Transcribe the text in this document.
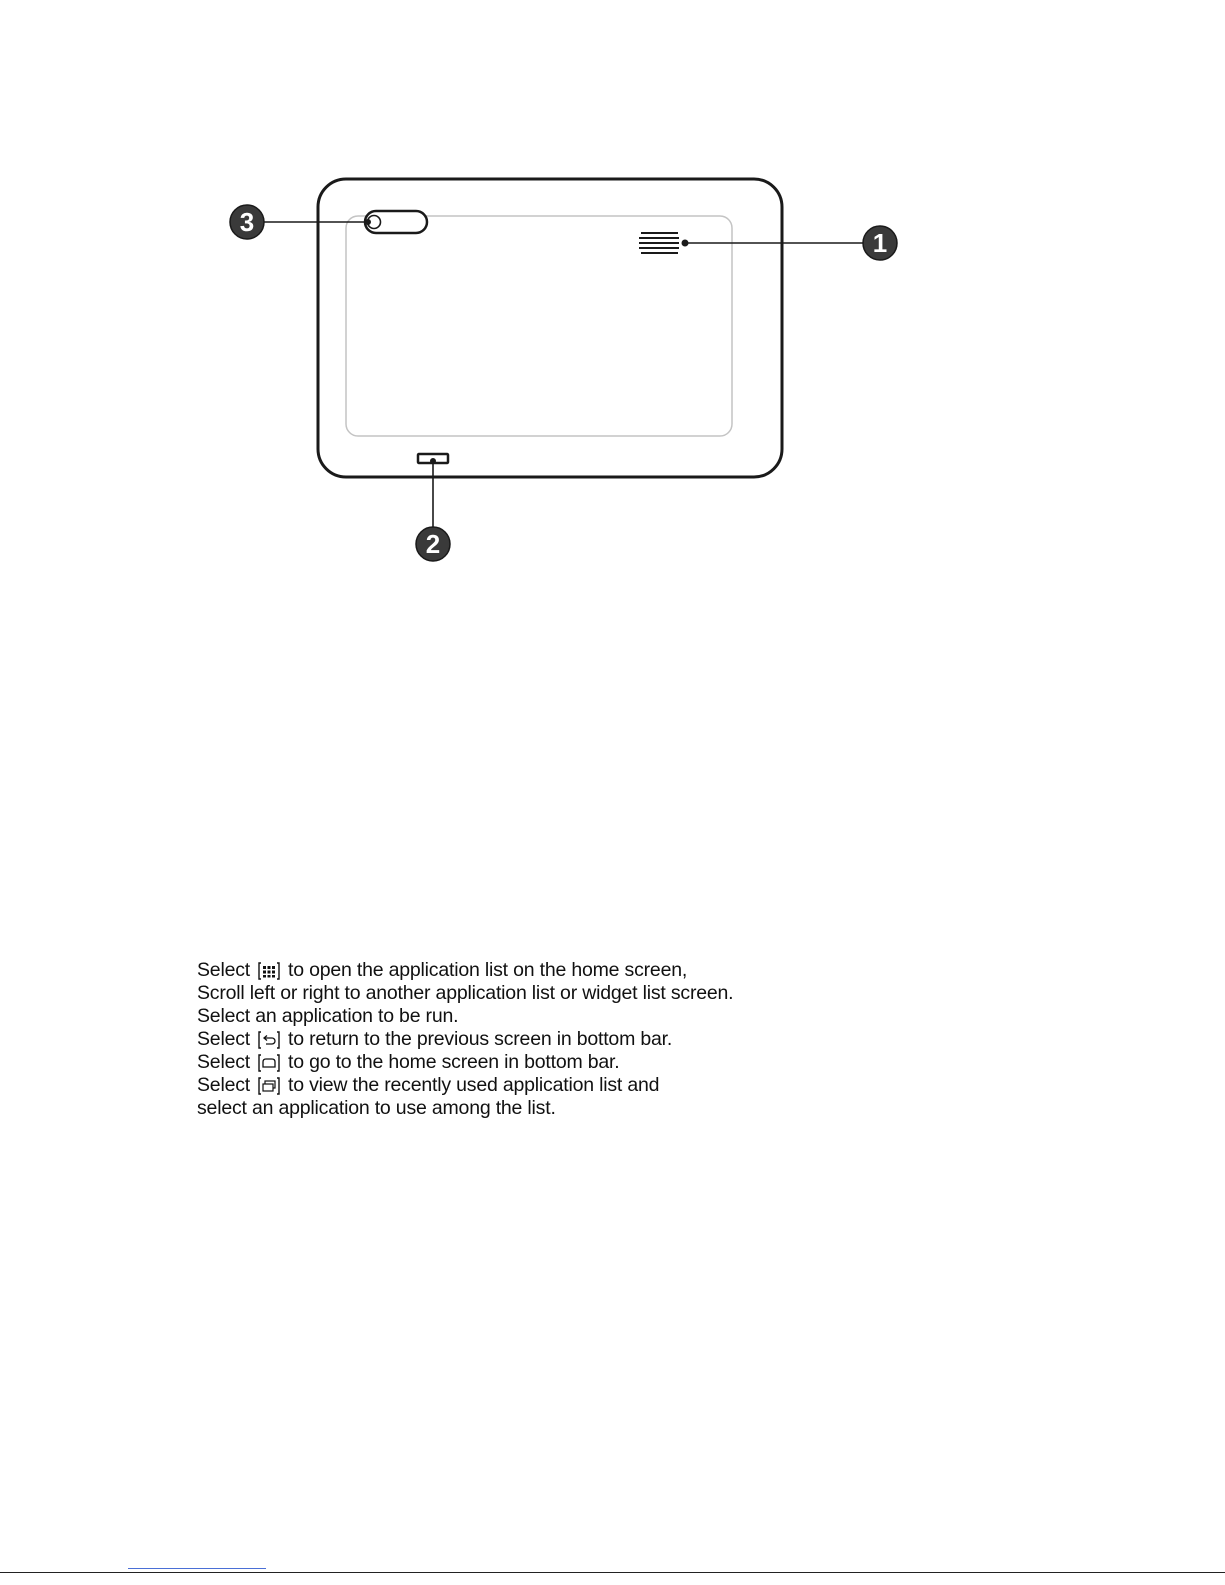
3
1
2
Select to open the application list on the home screen,
Scroll left or right to another application list or widget list screen.
Select an application to be run.
Select to return to the previous screen in bottom bar.
Select to go to the home screen in bottom bar.
Select to view the recently used application list and
select an application to use among the list.
